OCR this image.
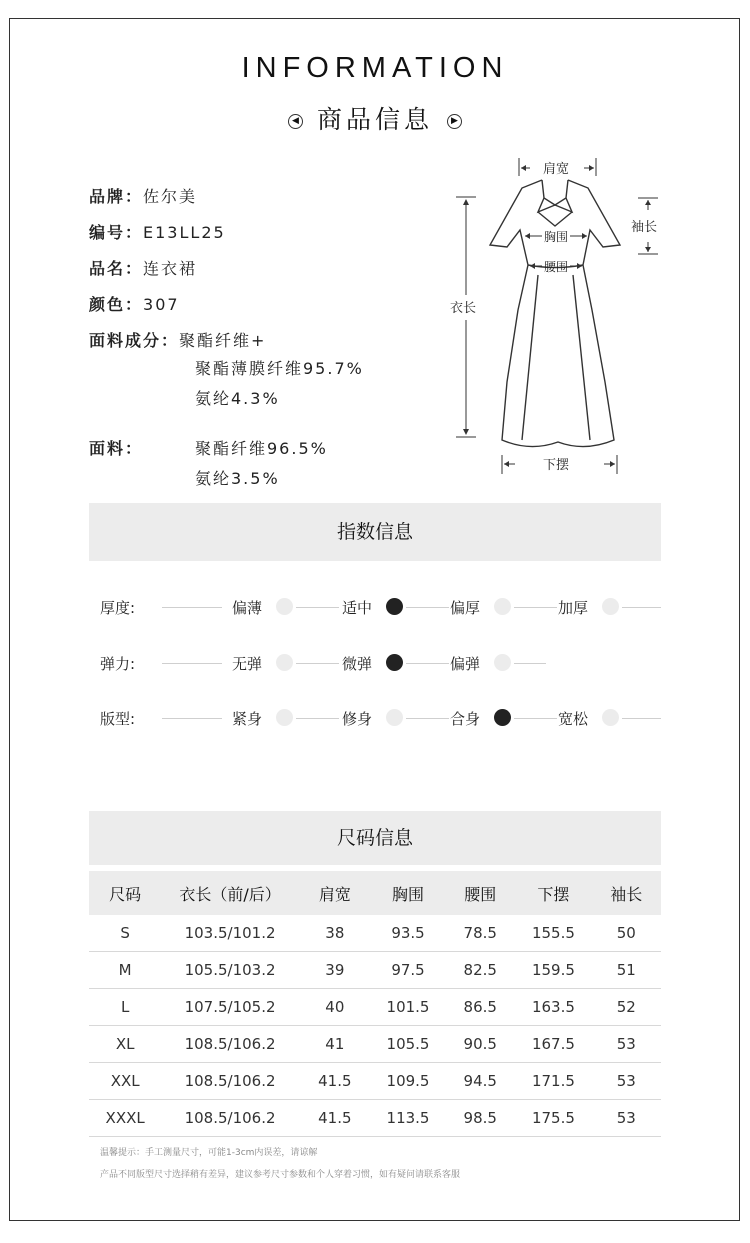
INFORMATION
◀ 商品信息 ▶
品牌：佐尔美
编号：E13LL25
品名：连衣裙
颜色：307
面料成分：聚酯纤维+
聚酯薄膜纤维95.7%
氨纶4.3%
面料：	聚酯纤维96.5%
氨纶3.5%
肩宽
袖长
胸围
腰围
衣长
下摆
指数信息
厚度:	偏薄	适中	偏厚	加厚
弹力:	无弹	微弹	偏弹
版型:	紧身	修身	合身	宽松
尺码信息
尺码	衣长（前/后）	肩宽	胸围	腰围	下摆	袖长
S	103.5/101.2	38	93.5	78.5	155.5	50
M	105.5/103.2	39	97.5	82.5	159.5	51
L	107.5/105.2	40	101.5	86.5	163.5	52
XL	108.5/106.2	41	105.5	90.5	167.5	53
XXL	108.5/106.2	41.5	109.5	94.5	171.5	53
XXXL	108.5/106.2	41.5	113.5	98.5	175.5	53
温馨提示：手工测量尺寸，可能1-3cm内误差，请谅解
产品不同版型尺寸选择稍有差异，建议参考尺寸参数和个人穿着习惯，如有疑问请联系客服
